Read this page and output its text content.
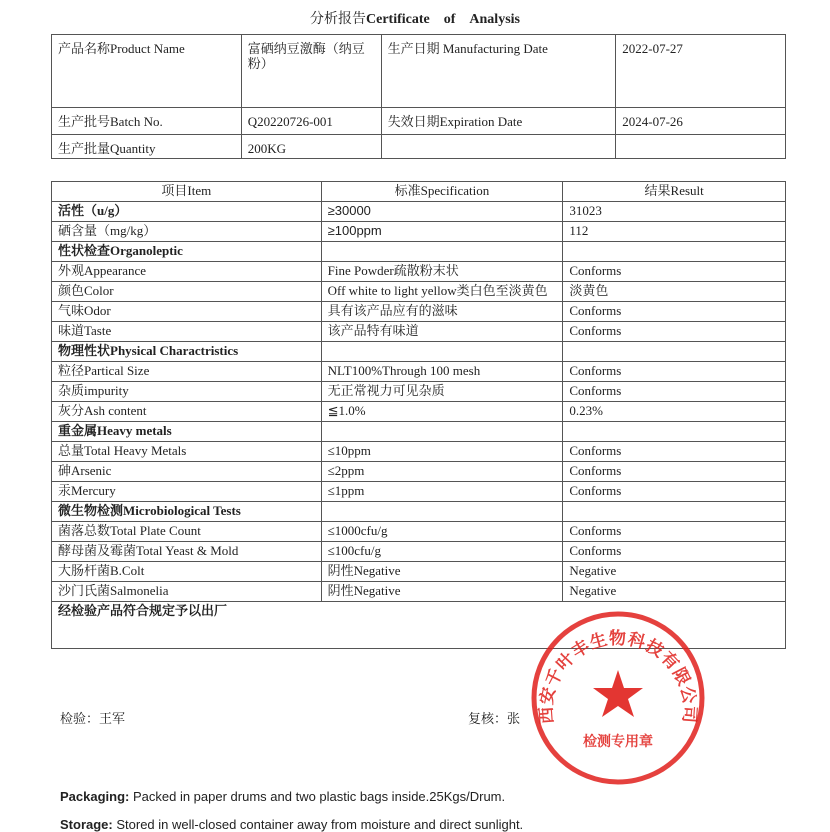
分析报告Certificate of Analysis
产品名称Product Name	富硒纳豆激酶（纳豆粉）	生产日期 Manufacturing Date	2022-07-27
生产批号Batch No.	Q20220726-001	失效日期Expiration Date	2024-07-26
生产批量Quantity	200KG		
项目Item	标准Specification	结果Result
活性（u/g）	≥30000	31023
硒含量（mg/kg）	≥100ppm	112
性状检查Organoleptic		
外观Appearance	Fine Powder疏散粉末状	Conforms
颜色Color	Off white to light yellow类白色至淡黄色	淡黄色
气味Odor	具有该产品应有的滋味	Conforms
味道Taste	该产品特有味道	Conforms
物理性状Physical Charactristics		
粒径Partical Size	NLT100%Through 100 mesh	Conforms
杂质impurity	无正常视力可见杂质	Conforms
灰分Ash content	≦1.0%	0.23%
重金属Heavy metals		
总量Total Heavy Metals	≤10ppm	Conforms
砷Arsenic	≤2ppm	Conforms
汞Mercury	≤1ppm	Conforms
微生物检测Microbiological Tests		
菌落总数Total Plate Count	≤1000cfu/g	Conforms
酵母菌及霉菌Total Yeast & Mold	≤100cfu/g	Conforms
大肠杆菌B.Colt	阴性Negative	Negative
沙门氏菌Salmonelia	阴性Negative	Negative
经检验产品符合规定予以出厂		
检验：王军	复核：张 西安千叶丰生物科技有限公司
检测专用章
Packaging: Packed in paper drums and two plastic bags inside.25Kgs/Drum.
Storage: Stored in well-closed container away from moisture and direct sunlight.
